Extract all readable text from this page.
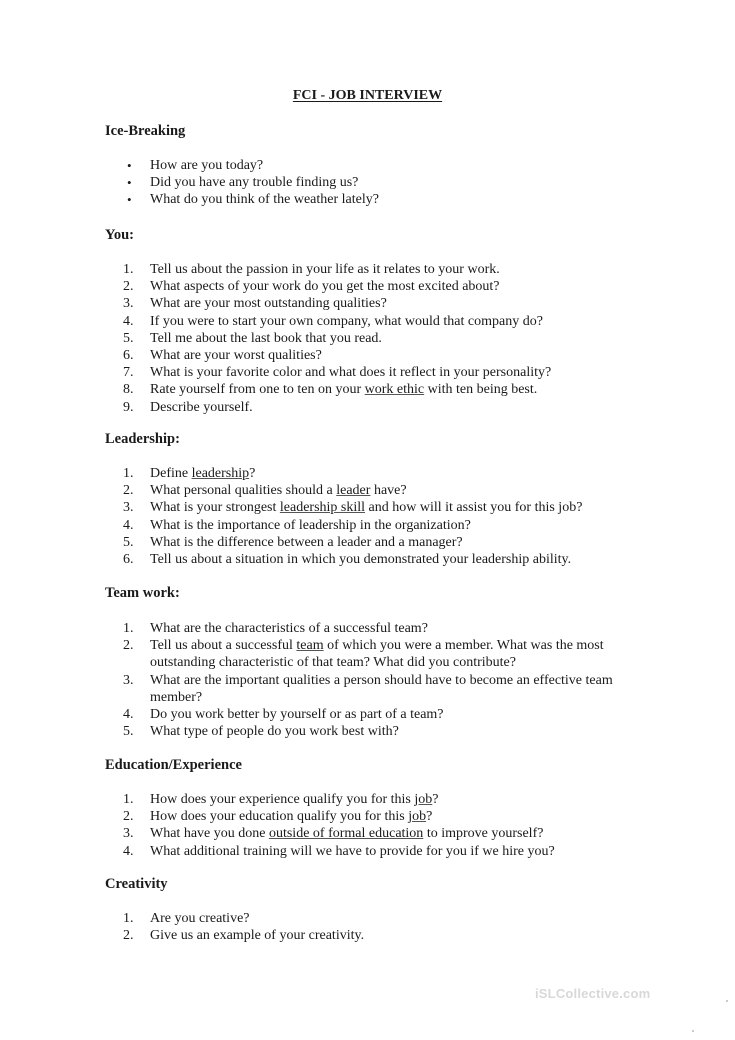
FCI - JOB INTERVIEW
Ice-Breaking
•	How are you today?
•	Did you have any trouble finding us?
•	What do you think of the weather lately?
You:
1.	Tell us about the passion in your life as it relates to your work.
2.	What aspects of your work do you get the most excited about?
3.	What are your most outstanding qualities?
4.	If you were to start your own company, what would that company do?
5.	Tell me about the last book that you read.
6.	What are your worst qualities?
7.	What is your favorite color and what does it reflect in your personality?
8.	Rate yourself from one to ten on your work ethic with ten being best.
9.	Describe yourself.
Leadership:
1.	Define leadership?
2.	What personal qualities should a leader have?
3.	What is your strongest leadership skill and how will it assist you for this job?
4.	What is the importance of leadership in the organization?
5.	What is the difference between a leader and a manager?
6.	Tell us about a situation in which you demonstrated your leadership ability.
Team work:
1.	What are the characteristics of a successful team?
2.	Tell us about a successful team of which you were a member. What was the most outstanding characteristic of that team? What did you contribute?
3.	What are the important qualities a person should have to become an effective team member?
4.	Do you work better by yourself or as part of a team?
5.	What type of people do you work best with?
Education/Experience
1.	How does your experience qualify you for this job?
2.	How does your education qualify you for this job?
3.	What have you done outside of formal education to improve yourself?
4.	What additional training will we have to provide for you if we hire you?
Creativity
1.	Are you creative?
2.	Give us an example of your creativity.
iSLCollective.com
